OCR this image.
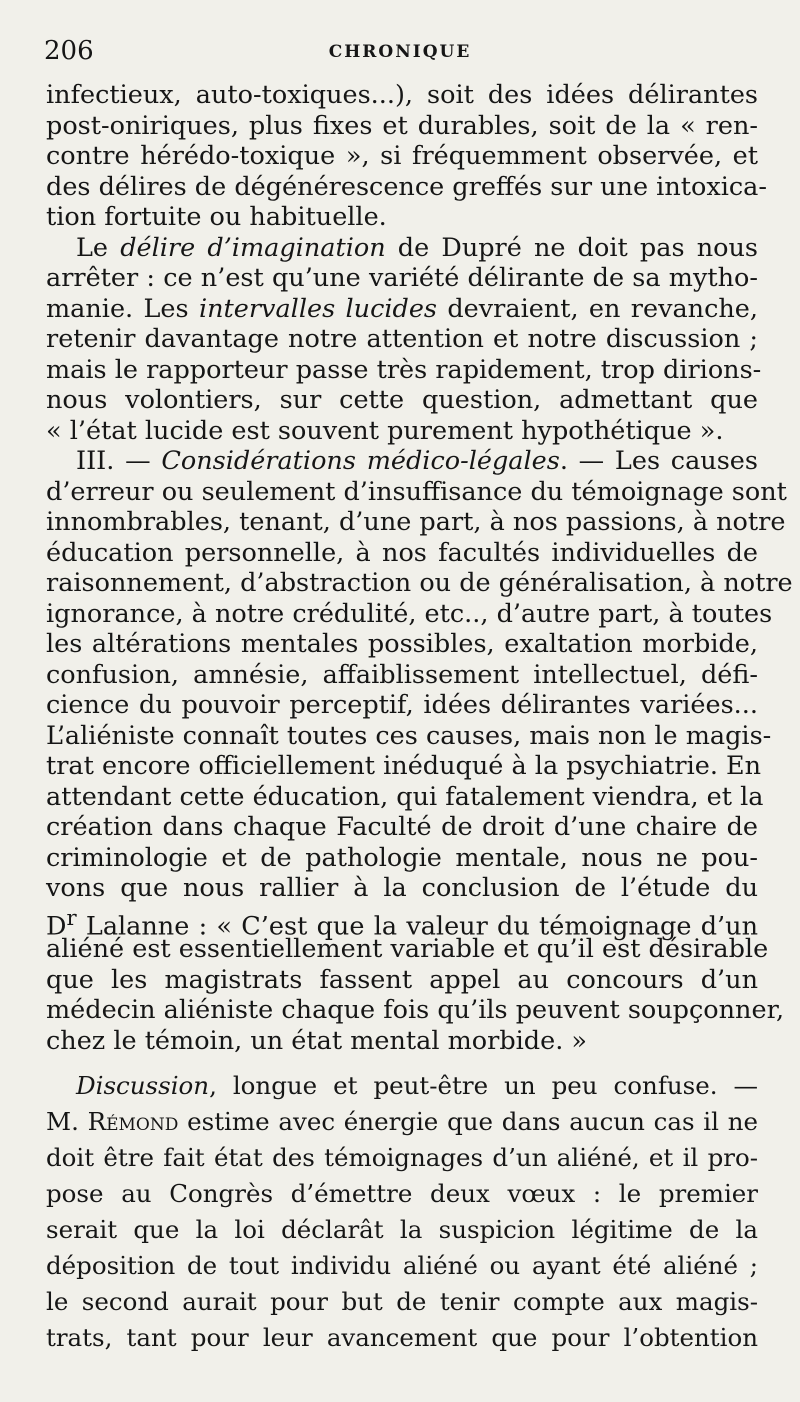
206	CHRONIQUE
infectieux, auto-toxiques...), soit des idées délirantes
post-oniriques, plus fixes et durables, soit de la « ren-
contre hérédo-toxique », si fréquemment observée, et
des délires de dégénérescence greffés sur une intoxica-
tion fortuite ou habituelle.
Le délire d’imagination de Dupré ne doit pas nous
arrêter : ce n’est qu’une variété délirante de sa mytho-
manie. Les intervalles lucides devraient, en revanche,
retenir davantage notre attention et notre discussion ;
mais le rapporteur passe très rapidement, trop dirions-
nous volontiers, sur cette question, admettant que
« l’état lucide est souvent purement hypothétique ».
III. — Considérations médico-légales. — Les causes
d’erreur ou seulement d’insuffisance du témoignage sont
innombrables, tenant, d’une part, à nos passions, à notre
éducation personnelle, à nos facultés individuelles de
raisonnement, d’abstraction ou de généralisation, à notre
ignorance, à notre crédulité, etc.., d’autre part, à toutes
les altérations mentales possibles, exaltation morbide,
confusion, amnésie, affaiblissement intellectuel, défi-
cience du pouvoir perceptif, idées délirantes variées...
L’aliéniste connaît toutes ces causes, mais non le magis-
trat encore officiellement inéduqué à la psychiatrie. En
attendant cette éducation, qui fatalement viendra, et la
création dans chaque Faculté de droit d’une chaire de
criminologie et de pathologie mentale, nous ne pou-
vons que nous rallier à la conclusion de l’étude du
$D^r$ Lalanne : « C’est que la valeur du témoignage d’un
aliéné est essentiellement variable et qu’il est désirable
que les magistrats fassent appel au concours d’un
médecin aliéniste chaque fois qu’ils peuvent soupçonner,
chez le témoin, un état mental morbide. »
Discussion, longue et peut-être un peu confuse. —
M. Rémond estime avec énergie que dans aucun cas il ne
doit être fait état des témoignages d’un aliéné, et il pro-
pose au Congrès d’émettre deux vœux : le premier
serait que la loi déclarât la suspicion légitime de la
déposition de tout individu aliéné ou ayant été aliéné ;
le second aurait pour but de tenir compte aux magis-
trats, tant pour leur avancement que pour l’obtention
